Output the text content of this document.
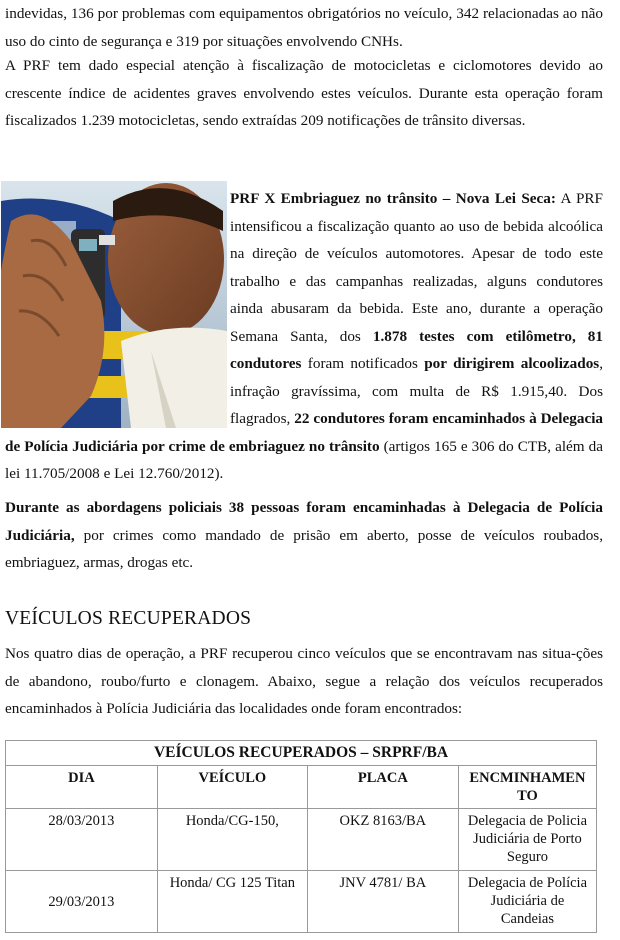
indevidas, 136 por problemas com equipamentos obrigatórios no veículo, 342 relacionadas ao não uso do cinto de segurança e 319 por situações envolvendo CNHs.

A PRF tem dado especial atenção à fiscalização de motocicletas e ciclomotores devido ao crescente índice de acidentes graves envolvendo estes veículos. Durante esta operação foram fiscalizados 1.239 motocicletas, sendo extraídas 209 notificações de trânsito diversas.

PRF X Embriaguez no trânsito – Nova Lei Seca: A PRF intensificou a fiscalização quanto ao uso de bebida alcoólica na direção de veículos automotores. Apesar de todo este trabalho e das campanhas realizadas, alguns condutores ainda abusaram da bebida. Este ano, durante a operação Semana Santa, dos 1.878 testes com etilômetro, 81 condutores foram notificados por dirigirem alcoolizados, infração gravíssima, com multa de R$ 1.915,40. Dos flagrados, 22 condutores foram encaminhados à Delegacia de Polícia Judiciária por crime de embriaguez no trânsito (artigos 165 e 306 do CTB, além da lei 11.705/2008 e Lei 12.760/2012).

Durante as abordagens policiais 38 pessoas foram encaminhadas à Delegacia de Polícia Judiciária, por crimes como mandado de prisão em aberto, posse de veículos roubados, embriaguez, armas, drogas etc.

VEÍCULOS RECUPERADOS

Nos quatro dias de operação, a PRF recuperou cinco veículos que se encontravam nas situa-ções de abandono, roubo/furto e clonagem. Abaixo, segue a relação dos veículos recuperados encaminhados à Polícia Judiciária das localidades onde foram encontrados:

VEÍCULOS RECUPERADOS – SRPRF/BA			
DIA	VEÍCULO	PLACA	ENCMINHAMEN TO
28/03/2013	Honda/CG-150,	OKZ 8163/BA	Delegacia de Policia Judiciária de Porto Seguro
29/03/2013	Honda/ CG 125 Titan	JNV 4781/ BA	Delegacia de Polícia Judiciária de Candeias
